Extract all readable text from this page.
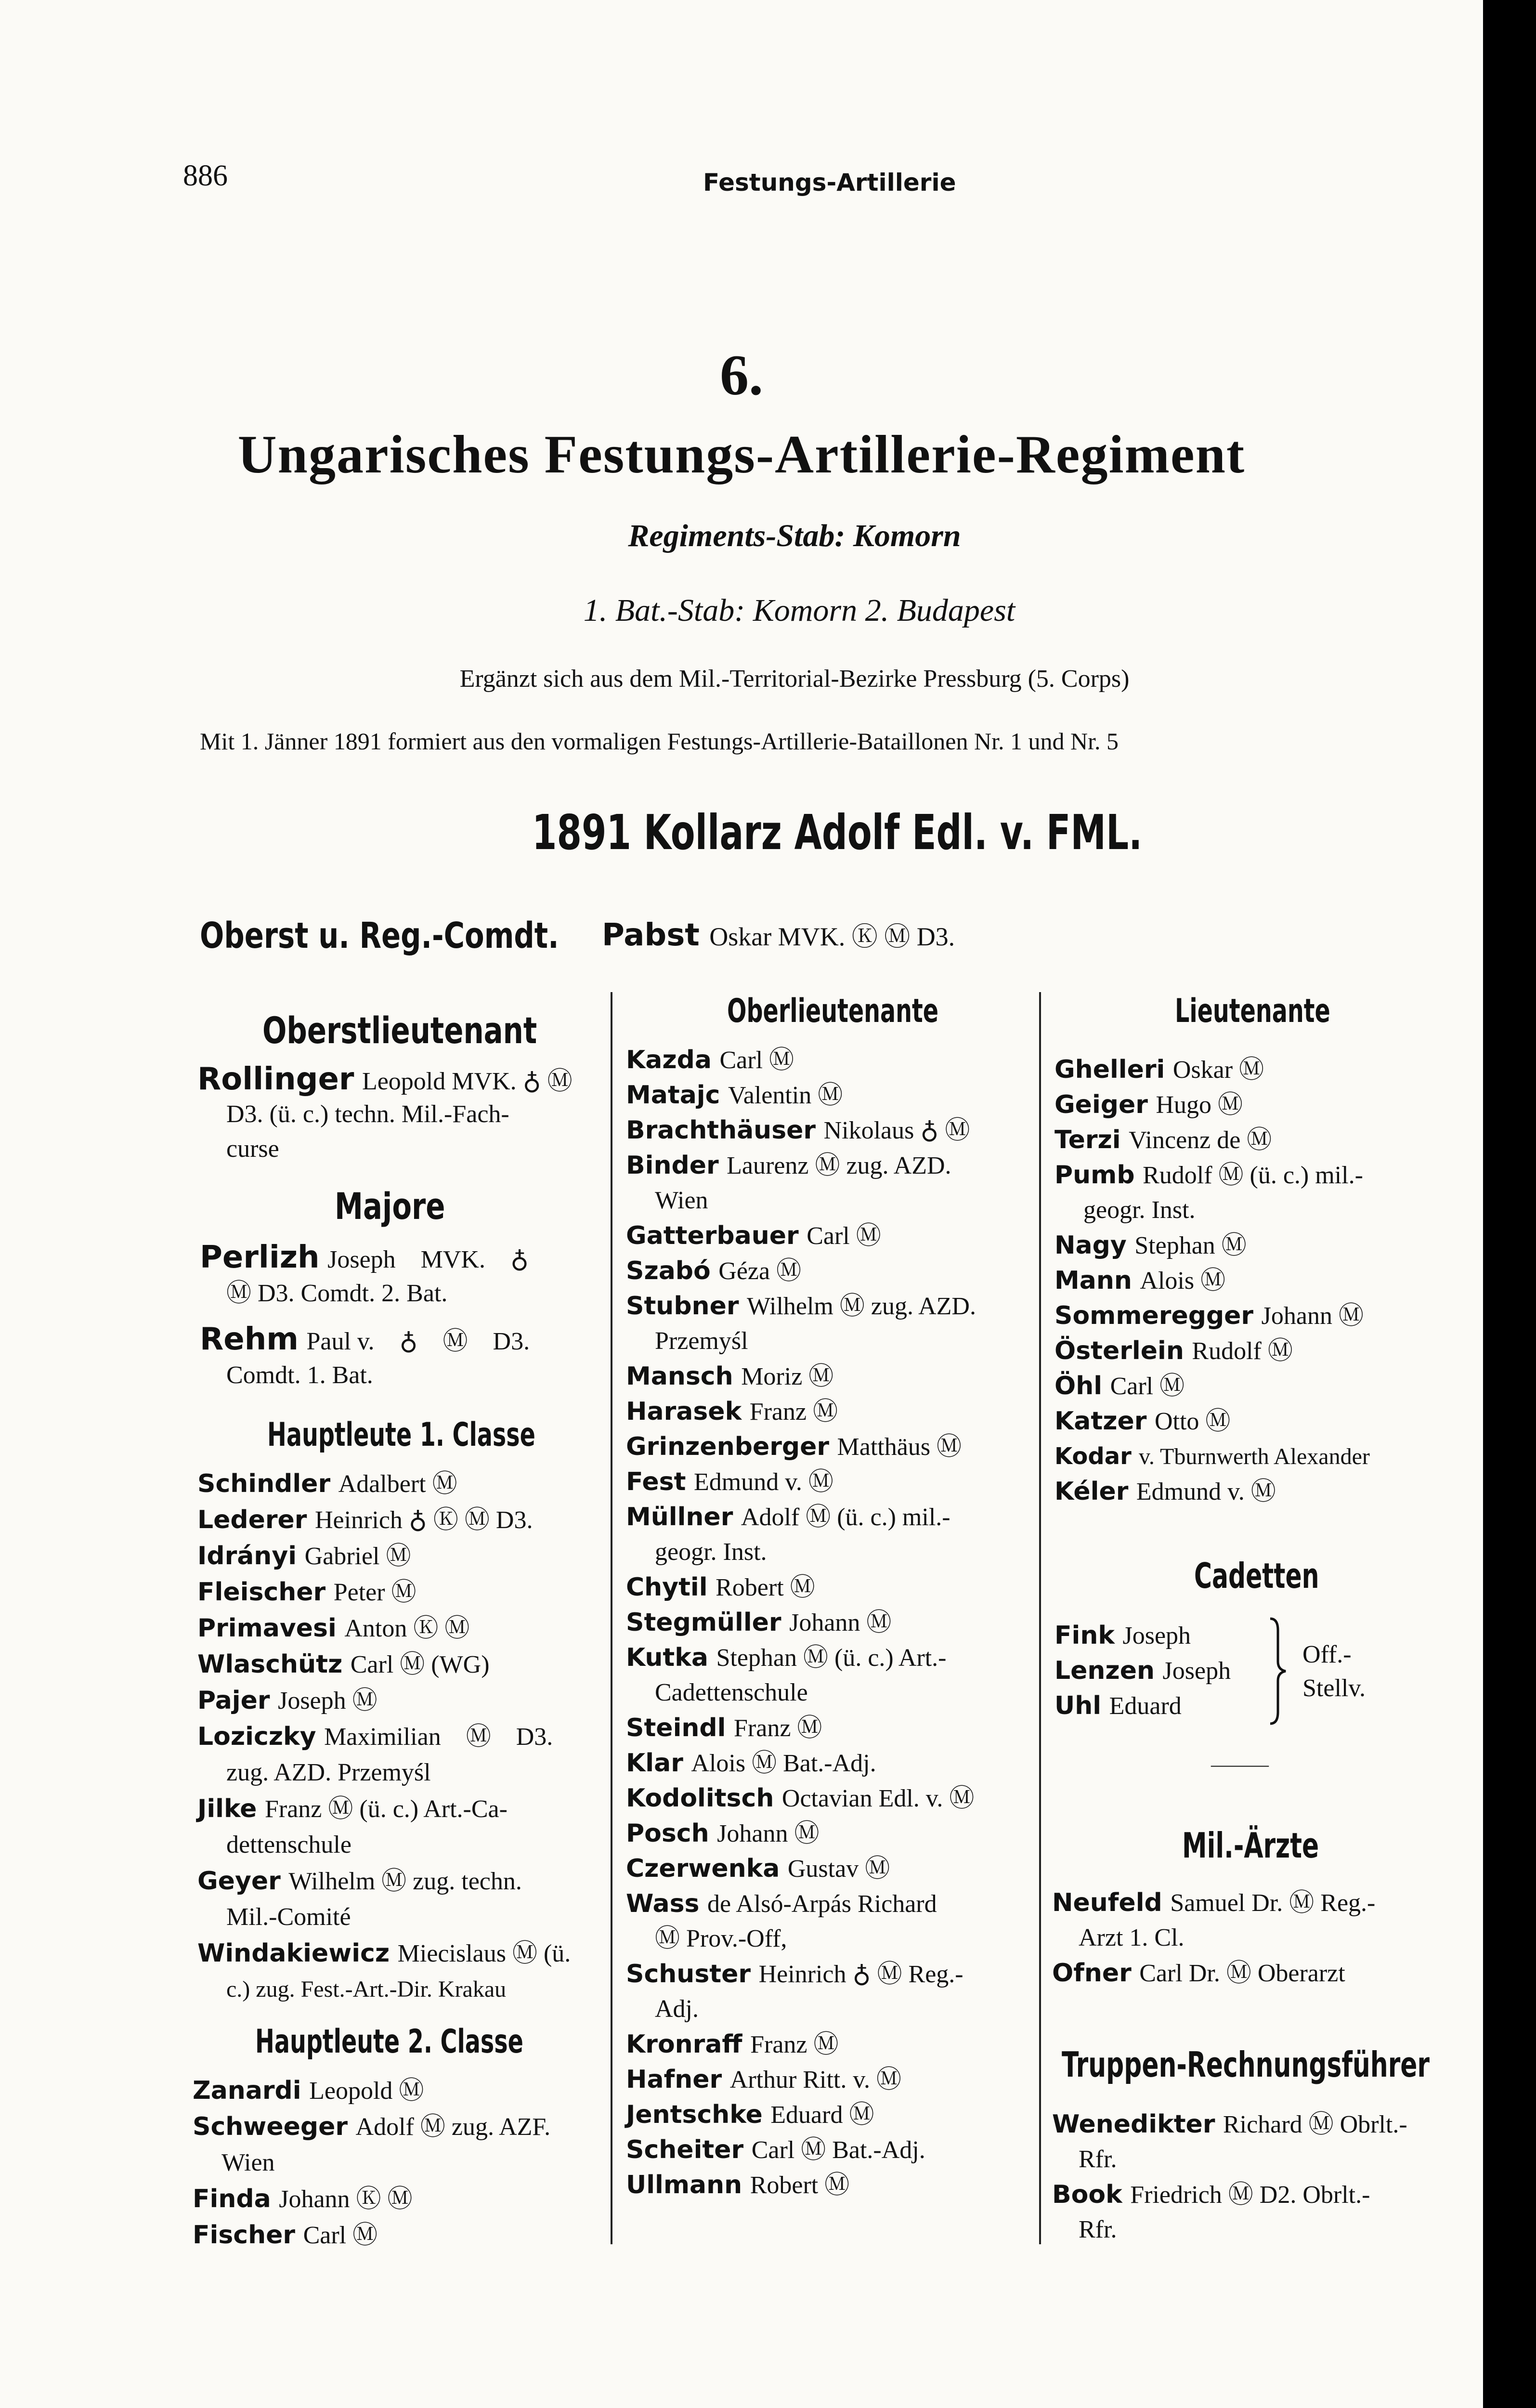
886	Festungs-Artillerie
6.
Ungarisches Festungs-Artillerie-Regiment
Regiments-Stab: Komorn
1. Bat.-Stab: Komorn 2. Budapest
Ergänzt sich aus dem Mil.-Territorial-Bezirke Pressburg (5. Corps)
Mit 1. Jänner 1891 formiert aus den vormaligen Festungs-Artillerie-Bataillonen Nr. 1 und Nr. 5
1891 Kollarz Adolf Edl. v. FML.
Oberst u. Reg.-Comdt. Pabst Oskar MVK. Ⓚ Ⓜ D3.
Oberstlieutenant
Rollinger Leopold MVK. ♁ Ⓜ
D3. (ü. c.) techn. Mil.-Fach-
curse
Majore
Perlizh Joseph    MVK.    ♁
Ⓜ D3. Comdt. 2. Bat.
Rehm Paul v.    ♁    Ⓜ    D3.
Comdt. 1. Bat.
Hauptleute 1. Classe
Schindler Adalbert Ⓜ
Lederer Heinrich ♁ Ⓚ Ⓜ D3.
Idrányi Gabriel Ⓜ
Fleischer Peter Ⓜ
Primavesi Anton Ⓚ Ⓜ
Wlaschütz Carl Ⓜ (WG)
Pajer Joseph Ⓜ
Loziczky Maximilian    Ⓜ    D3.
zug. AZD. Przemyśl
Jilke Franz Ⓜ (ü. c.) Art.-Ca-
dettenschule
Geyer Wilhelm Ⓜ zug. techn.
Mil.-Comité
Windakiewicz Miecislaus Ⓜ (ü.
c.) zug. Fest.-Art.-Dir. Krakau
Hauptleute 2. Classe
Zanardi Leopold Ⓜ
Schweeger Adolf Ⓜ zug. AZF.
Wien
Finda Johann Ⓚ Ⓜ
Fischer Carl Ⓜ
Oberlieutenante
Kazda Carl Ⓜ
Matajc Valentin Ⓜ
Brachthäuser Nikolaus ♁ Ⓜ
Binder Laurenz Ⓜ zug. AZD.
Wien
Gatterbauer Carl Ⓜ
Szabó Géza Ⓜ
Stubner Wilhelm Ⓜ zug. AZD.
Przemyśl
Mansch Moriz Ⓜ
Harasek Franz Ⓜ
Grinzenberger Matthäus Ⓜ
Fest Edmund v. Ⓜ
Müllner Adolf Ⓜ (ü. c.) mil.-
geogr. Inst.
Chytil Robert Ⓜ
Stegmüller Johann Ⓜ
Kutka Stephan Ⓜ (ü. c.) Art.-
Cadettenschule
Steindl Franz Ⓜ
Klar Alois Ⓜ Bat.-Adj.
Kodolitsch Octavian Edl. v. Ⓜ
Posch Johann Ⓜ
Czerwenka Gustav Ⓜ
Wass de Alsó-Arpás Richard
Ⓜ Prov.-Off,
Schuster Heinrich ♁ Ⓜ Reg.-
Adj.
Kronraff Franz Ⓜ
Hafner Arthur Ritt. v. Ⓜ
Jentschke Eduard Ⓜ
Scheiter Carl Ⓜ Bat.-Adj.
Ullmann Robert Ⓜ
Lieutenante
Ghelleri Oskar Ⓜ
Geiger Hugo Ⓜ
Terzi Vincenz de Ⓜ
Pumb Rudolf Ⓜ (ü. c.) mil.-
geogr. Inst.
Nagy Stephan Ⓜ
Mann Alois Ⓜ
Sommeregger Johann Ⓜ
Österlein Rudolf Ⓜ
Öhl Carl Ⓜ
Katzer Otto Ⓜ
Kodar v. Tburnwerth Alexander
Kéler Edmund v. Ⓜ
Cadetten
Fink Joseph
Lenzen Joseph
Uhl Eduard
Off.-
Stellv.
———
Mil.-Ärzte
Neufeld Samuel Dr. Ⓜ Reg.-
Arzt 1. Cl.
Ofner Carl Dr. Ⓜ Oberarzt
Truppen-Rechnungsführer
Wenedikter Richard Ⓜ Obrlt.-
Rfr.
Book Friedrich Ⓜ D2. Obrlt.-
Rfr.
